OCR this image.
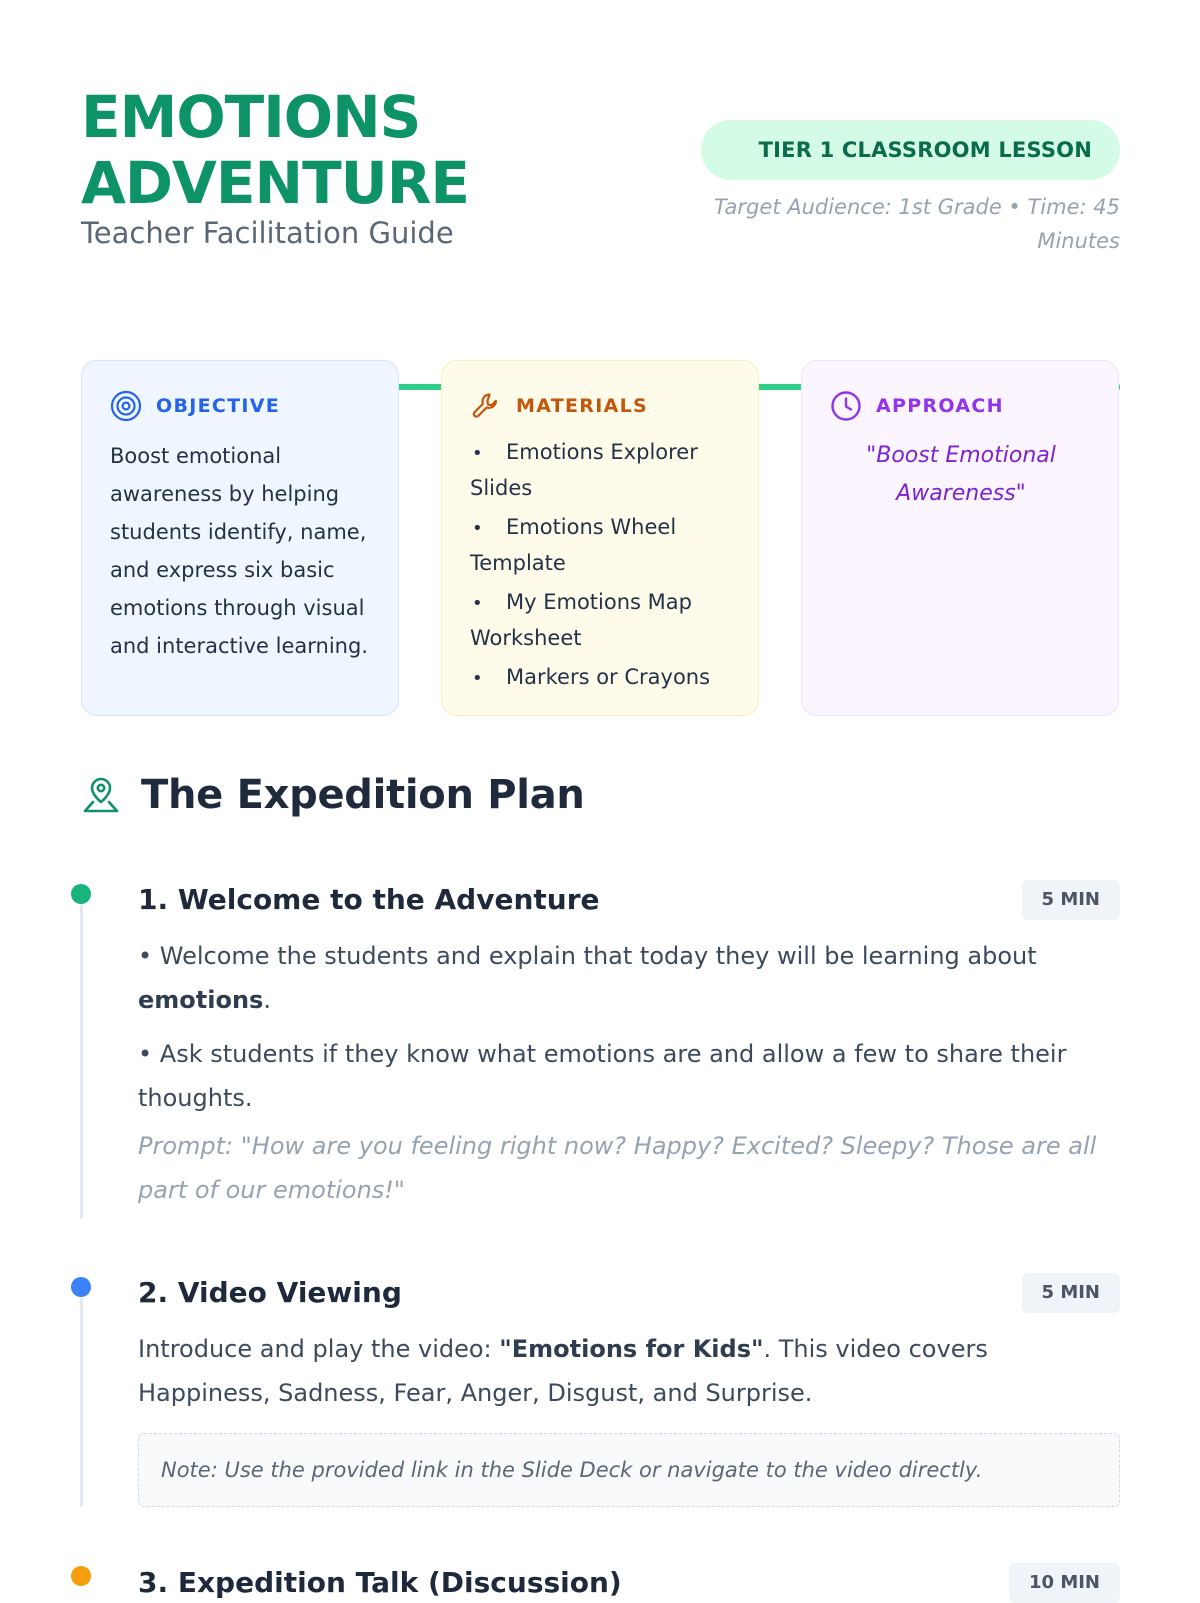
EMOTIONS
ADVENTURE
Teacher Facilitation Guide
TIER 1 CLASSROOM LESSON
Target Audience: 1st Grade • Time: 45 Minutes
OBJECTIVE
Boost emotional awareness by helping students identify, name, and express six basic emotions through visual and interactive learning.
MATERIALS
• Emotions Explorer Slides
• Emotions Wheel Template
• My Emotions Map Worksheet
• Markers or Crayons
APPROACH
"Boost Emotional Awareness"
The Expedition Plan
1. Welcome to the Adventure	5 MIN
• Welcome the students and explain that today they will be learning about emotions.
• Ask students if they know what emotions are and allow a few to share their thoughts.
Prompt: "How are you feeling right now? Happy? Excited? Sleepy? Those are all part of our emotions!"
2. Video Viewing	5 MIN
Introduce and play the video: "Emotions for Kids". This video covers Happiness, Sadness, Fear, Anger, Disgust, and Surprise.
Note: Use the provided link in the Slide Deck or navigate to the video directly.
3. Expedition Talk (Discussion)	10 MIN
